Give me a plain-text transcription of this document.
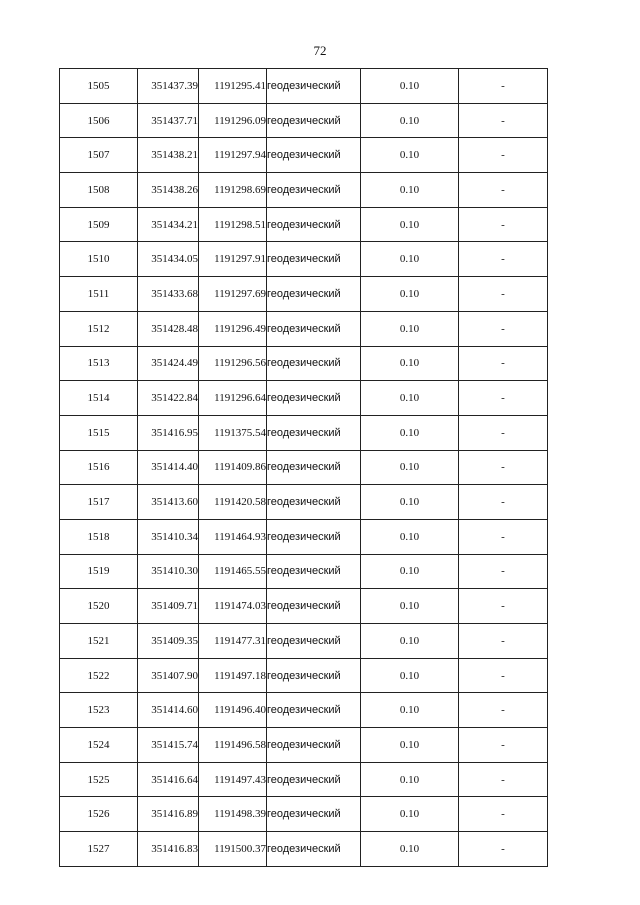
72
1505	351437.39	1191295.41	геодезический	0.10	-
1506	351437.71	1191296.09	геодезический	0.10	-
1507	351438.21	1191297.94	геодезический	0.10	-
1508	351438.26	1191298.69	геодезический	0.10	-
1509	351434.21	1191298.51	геодезический	0.10	-
1510	351434.05	1191297.91	геодезический	0.10	-
1511	351433.68	1191297.69	геодезический	0.10	-
1512	351428.48	1191296.49	геодезический	0.10	-
1513	351424.49	1191296.56	геодезический	0.10	-
1514	351422.84	1191296.64	геодезический	0.10	-
1515	351416.95	1191375.54	геодезический	0.10	-
1516	351414.40	1191409.86	геодезический	0.10	-
1517	351413.60	1191420.58	геодезический	0.10	-
1518	351410.34	1191464.93	геодезический	0.10	-
1519	351410.30	1191465.55	геодезический	0.10	-
1520	351409.71	1191474.03	геодезический	0.10	-
1521	351409.35	1191477.31	геодезический	0.10	-
1522	351407.90	1191497.18	геодезический	0.10	-
1523	351414.60	1191496.40	геодезический	0.10	-
1524	351415.74	1191496.58	геодезический	0.10	-
1525	351416.64	1191497.43	геодезический	0.10	-
1526	351416.89	1191498.39	геодезический	0.10	-
1527	351416.83	1191500.37	геодезический	0.10	-
